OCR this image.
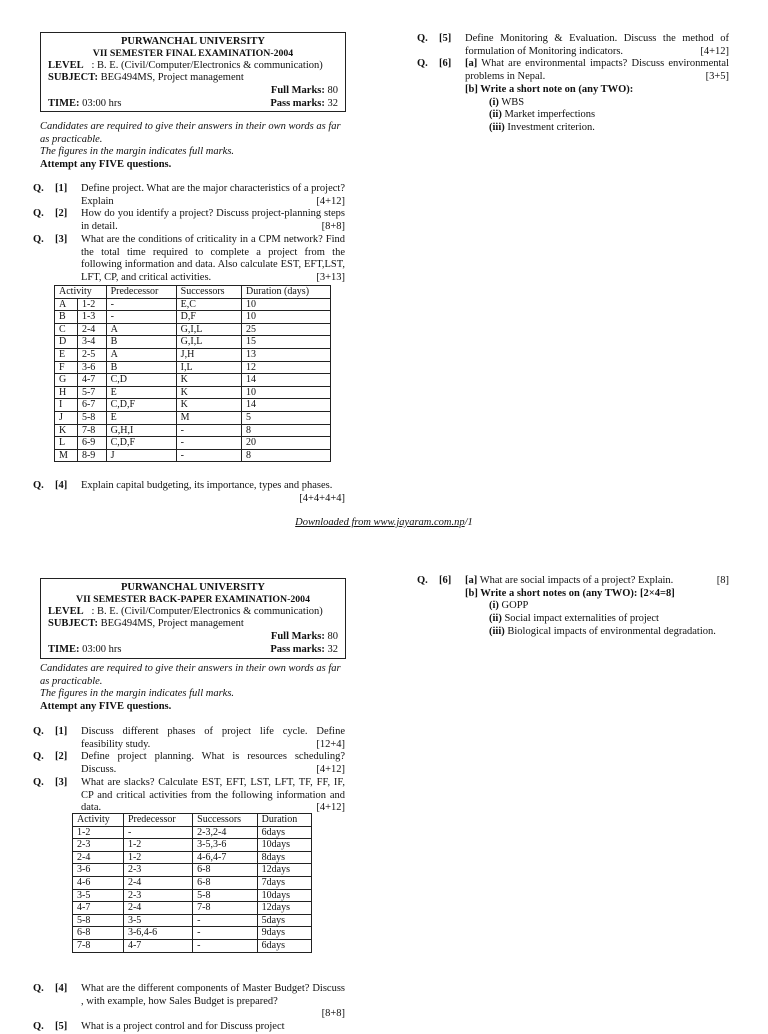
PURWANCHAL UNIVERSITY
VII SEMESTER FINAL EXAMINATION-2004
LEVEL : B. E. (Civil/Computer/Electronics & communication)
SUBJECT: BEG494MS, Project management
Full Marks: 80
TIME: 03:00 hrs	Pass marks: 32
Candidates are required to give their answers in their own words as far as practicable.
The figures in the margin indicates full marks.
Attempt any FIVE questions.
Q.	[1]	Define project. What are the major characteristics of a project? Explain	[4+12]
Q.	[2]	How do you identify a project? Discuss project-planning steps in detail.	[8+8]
Q.	[3]	What are the conditions of criticality in a CPM network? Find the total time required to complete a project from the following information and data. Also calculate EST, EFT,LST, LFT, CP, and critical activities.	[3+13]
Activity		Predecessor	Successors	Duration (days)
A	1-2	-	E,C	10
B	1-3	-	D,F	10
C	2-4	A	G,I,L	25
D	3-4	B	G,I,L	15
E	2-5	A	J,H	13
F	3-6	B	I,L	12
G	4-7	C,D	K	14
H	5-7	E	K	10
I	6-7	C,D,F	K	14
J	5-8	E	M	5
K	7-8	G,H,I	-	8
L	6-9	C,D,F	-	20
M	8-9	J	-	8
Q.	[4]	Explain capital budgeting, its importance, types and phases.
[4+4+4+4]
Q.	[5]	Define Monitoring & Evaluation. Discuss the method of formulation of Monitoring indicators.	[4+12]
Q.	[6]	[a] What are environmental impacts? Discuss environmental problems in Nepal.	[3+5]
[b] Write a short note on (any TWO):
(i) WBS
(ii) Market imperfections
(iii) Investment criterion.
Downloaded from www.jayaram.com.np/1
PURWANCHAL UNIVERSITY
VII SEMESTER BACK-PAPER EXAMINATION-2004
LEVEL : B. E. (Civil/Computer/Electronics & communication)
SUBJECT: BEG494MS, Project management
Full Marks: 80
TIME: 03:00 hrs	Pass marks: 32
Candidates are required to give their answers in their own words as far as practicable.
The figures in the margin indicates full marks.
Attempt any FIVE questions.
Q.	[1]	Discuss different phases of project life cycle. Define feasibility study.	[12+4]
Q.	[2]	Define project planning. What is resources scheduling? Discuss.	[4+12]
Q.	[3]	What are slacks? Calculate EST, EFT, LST, LFT, TF, FF, IF, CP and critical activities from the following information and data.	[4+12]
Activity	Predecessor	Successors	Duration
1-2	-	2-3,2-4	6days
2-3	1-2	3-5,3-6	10days
2-4	1-2	4-6,4-7	8days
3-6	2-3	6-8	12days
4-6	2-4	6-8	7days
3-5	2-3	5-8	10days
4-7	2-4	7-8	12days
5-8	3-5	-	5days
6-8	3-6,4-6	-	9days
7-8	4-7	-	6days
Q.	[4]	What are the different components of Master Budget? Discuss , with example, how Sales Budget is prepared?
[8+8]
Q.	[5]	What is a project control and for Discuss project
Q.	[6]	[a] What are social impacts of a project? Explain.	[8]
[b] Write a short notes on (any TWO): [2×4=8]
(i) GOPP
(ii) Social impact externalities of project
(iii) Biological impacts of environmental degradation.
